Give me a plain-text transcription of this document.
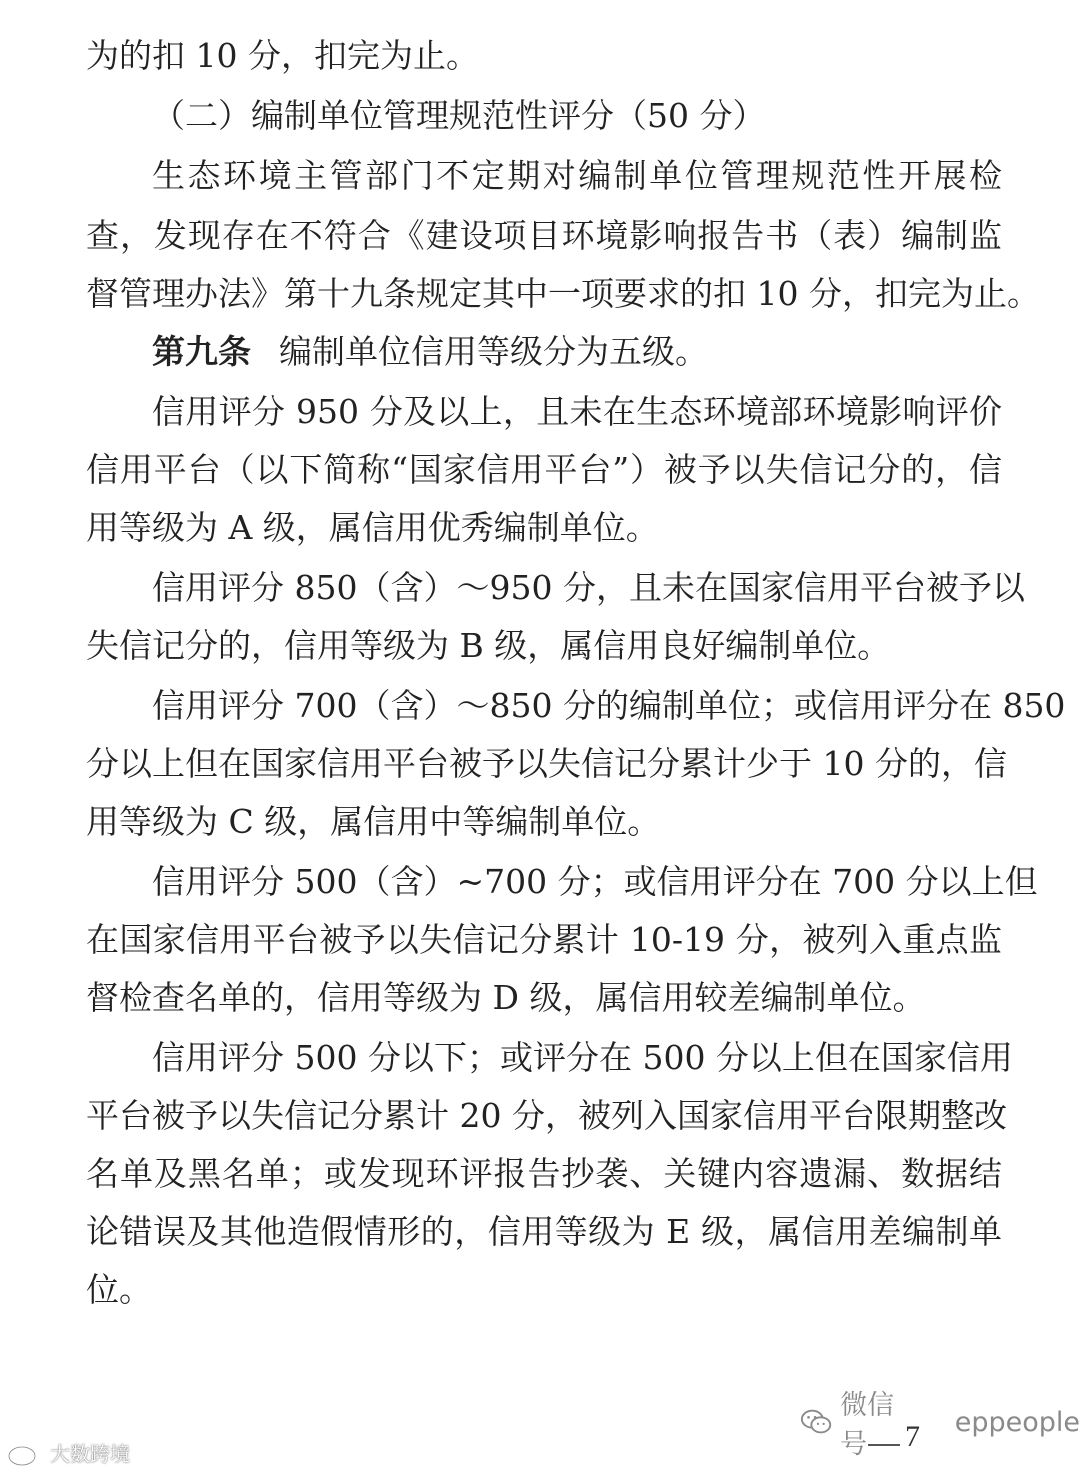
为的扣 10 分，扣完为止。
（二）编制单位管理规范性评分（50 分）
生态环境主管部门不定期对编制单位管理规范性开展检
查，发现存在不符合《建设项目环境影响报告书（表）编制监
督管理办法》第十九条规定其中一项要求的扣 10 分，扣完为止。
第九条 编制单位信用等级分为五级。
信用评分 950 分及以上，且未在生态环境部环境影响评价
信用平台（以下简称“国家信用平台”）被予以失信记分的，信
用等级为 A 级，属信用优秀编制单位。
信用评分 850（含）～950 分，且未在国家信用平台被予以
失信记分的，信用等级为 B 级，属信用良好编制单位。
信用评分 700（含）～850 分的编制单位；或信用评分在 850
分以上但在国家信用平台被予以失信记分累计少于 10 分的，信
用等级为 C 级，属信用中等编制单位。
信用评分 500（含）~700 分；或信用评分在 700 分以上但
在国家信用平台被予以失信记分累计 10-19 分，被列入重点监
督检查名单的，信用等级为 D 级，属信用较差编制单位。
信用评分 500 分以下；或评分在 500 分以上但在国家信用
平台被予以失信记分累计 20 分，被列入国家信用平台限期整改
名单及黑名单；或发现环评报告抄袭、关键内容遗漏、数据结
论错误及其他造假情形的，信用等级为 E 级，属信用差编制单
位。
7
微信号
eppeople
大数跨境
